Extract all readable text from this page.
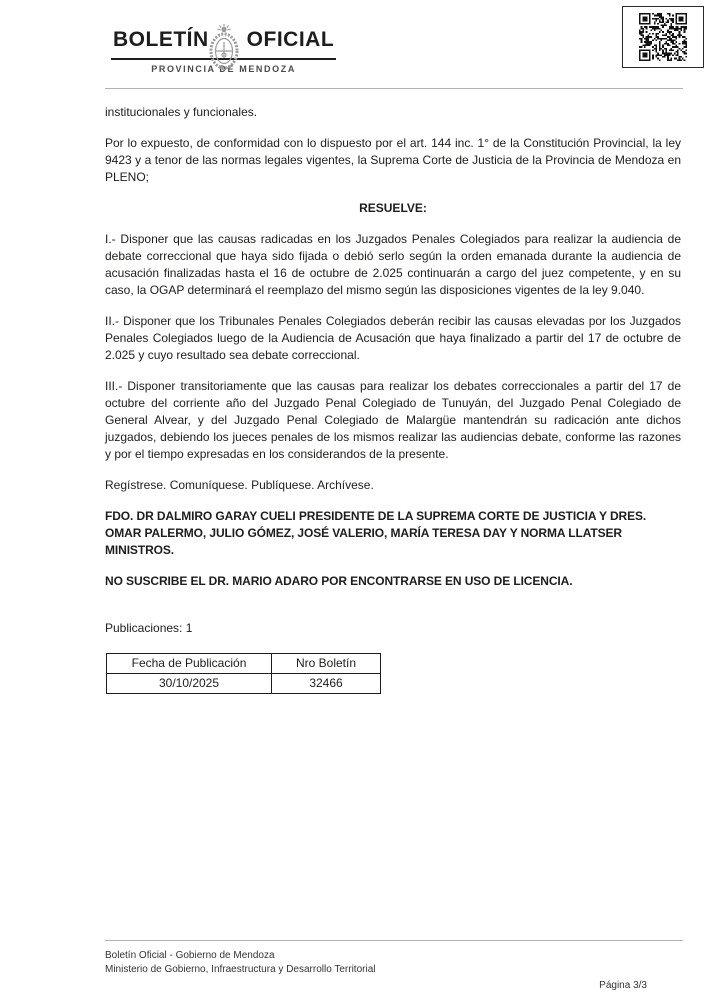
BOLETÍN OFICIAL
PROVINCIA DE MENDOZA

institucionales y funcionales.

Por lo expuesto, de conformidad con lo dispuesto por el art. 144 inc. 1° de la Constitución Provincial, la ley 9423 y a tenor de las normas legales vigentes, la Suprema Corte de Justicia de la Provincia de Mendoza en PLENO;

RESUELVE:

I.- Disponer que las causas radicadas en los Juzgados Penales Colegiados para realizar la audiencia de debate correccional que haya sido fijada o debió serlo según la orden emanada durante la audiencia de acusación finalizadas hasta el 16 de octubre de 2.025 continuarán a cargo del juez competente, y en su caso, la OGAP determinará el reemplazo del mismo según las disposiciones vigentes de la ley 9.040.

II.- Disponer que los Tribunales Penales Colegiados deberán recibir las causas elevadas por los Juzgados Penales Colegiados luego de la Audiencia de Acusación que haya finalizado a partir del 17 de octubre de 2.025 y cuyo resultado sea debate correccional.

III.- Disponer transitoriamente que las causas para realizar los debates correccionales a partir del 17 de octubre del corriente año del Juzgado Penal Colegiado de Tunuyán, del Juzgado Penal Colegiado de General Alvear, y del Juzgado Penal Colegiado de Malargüe mantendrán su radicación ante dichos juzgados, debiendo los jueces penales de los mismos realizar las audiencias debate, conforme las razones y por el tiempo expresadas en los considerandos de la presente.

Regístrese. Comuníquese. Publíquese. Archívese.

FDO. DR DALMIRO GARAY CUELI PRESIDENTE DE LA SUPREMA CORTE DE JUSTICIA Y DRES. OMAR PALERMO, JULIO GÓMEZ, JOSÉ VALERIO, MARÍA TERESA DAY Y NORMA LLATSER MINISTROS.

NO SUSCRIBE EL DR. MARIO ADARO POR ENCONTRARSE EN USO DE LICENCIA.

Publicaciones: 1

Fecha de Publicación	Nro Boletín
30/10/2025	32466
Boletín Oficial - Gobierno de Mendoza
Ministerio de Gobierno, Infraestructura y Desarrollo Territorial
Página 3/3
